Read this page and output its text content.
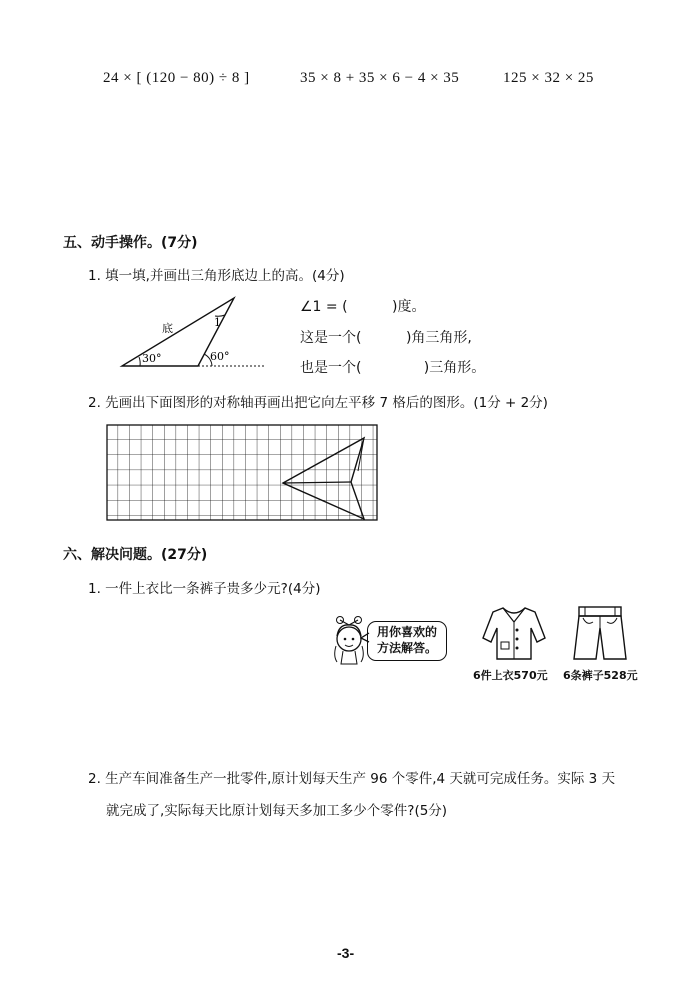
24 × [ (120 − 80) ÷ 8 ]	35 × 8 + 35 × 6 − 4 × 35	125 × 32 × 25
五、动手操作。(7分)
1. 填一填,并画出三角形底边上的高。(4分)
底	1
30°	60°
∠1 = (          )度。
这是一个(          )角三角形,
也是一个(              )三角形。
2. 先画出下面图形的对称轴再画出把它向左平移 7 格后的图形。(1分 + 2分)
六、解决问题。(27分)
1. 一件上衣比一条裤子贵多少元?(4分)
用你喜欢的
方法解答。
6件上衣570元 6条裤子528元
2. 生产车间准备生产一批零件,原计划每天生产 96 个零件,4 天就可完成任务。实际 3 天
就完成了,实际每天比原计划每天多加工多少个零件?(5分)
-3-
